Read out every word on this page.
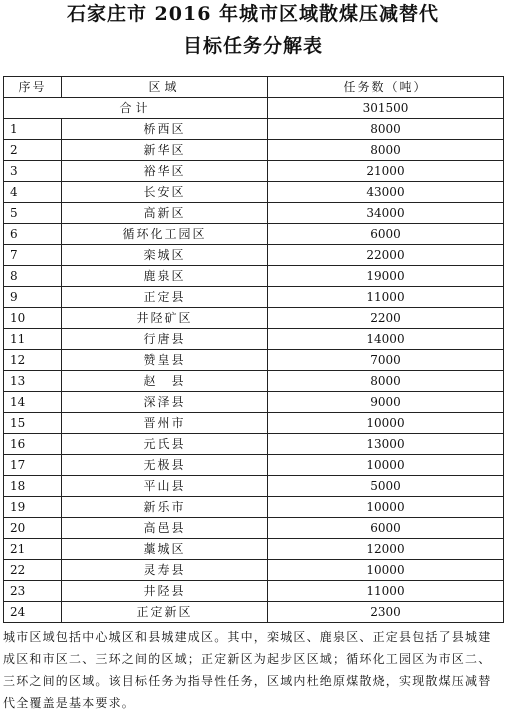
石家庄市 2016 年城市区域散煤压减替代
目标任务分解表
序号	区域	任务数（吨）
合计		301500
1	桥西区	8000
2	新华区	8000
3	裕华区	21000
4	长安区	43000
5	高新区	34000
6	循环化工园区	6000
7	栾城区	22000
8	鹿泉区	19000
9	正定县	11000
10	井陉矿区	2200
11	行唐县	14000
12	赞皇县	7000
13	赵　县	8000
14	深泽县	9000
15	晋州市	10000
16	元氏县	13000
17	无极县	10000
18	平山县	5000
19	新乐市	10000
20	高邑县	6000
21	藁城区	12000
22	灵寿县	10000
23	井陉县	11000
24	正定新区	2300

城市区域包括中心城区和县城建成区。其中，栾城区、鹿泉区、正定县包括了县城建成区和市区二、三环之间的区域；正定新区为起步区区域；循环化工园区为市区二、三环之间的区域。该目标任务为指导性任务，区域内杜绝原煤散烧，实现散煤压减替代全覆盖是基本要求。
